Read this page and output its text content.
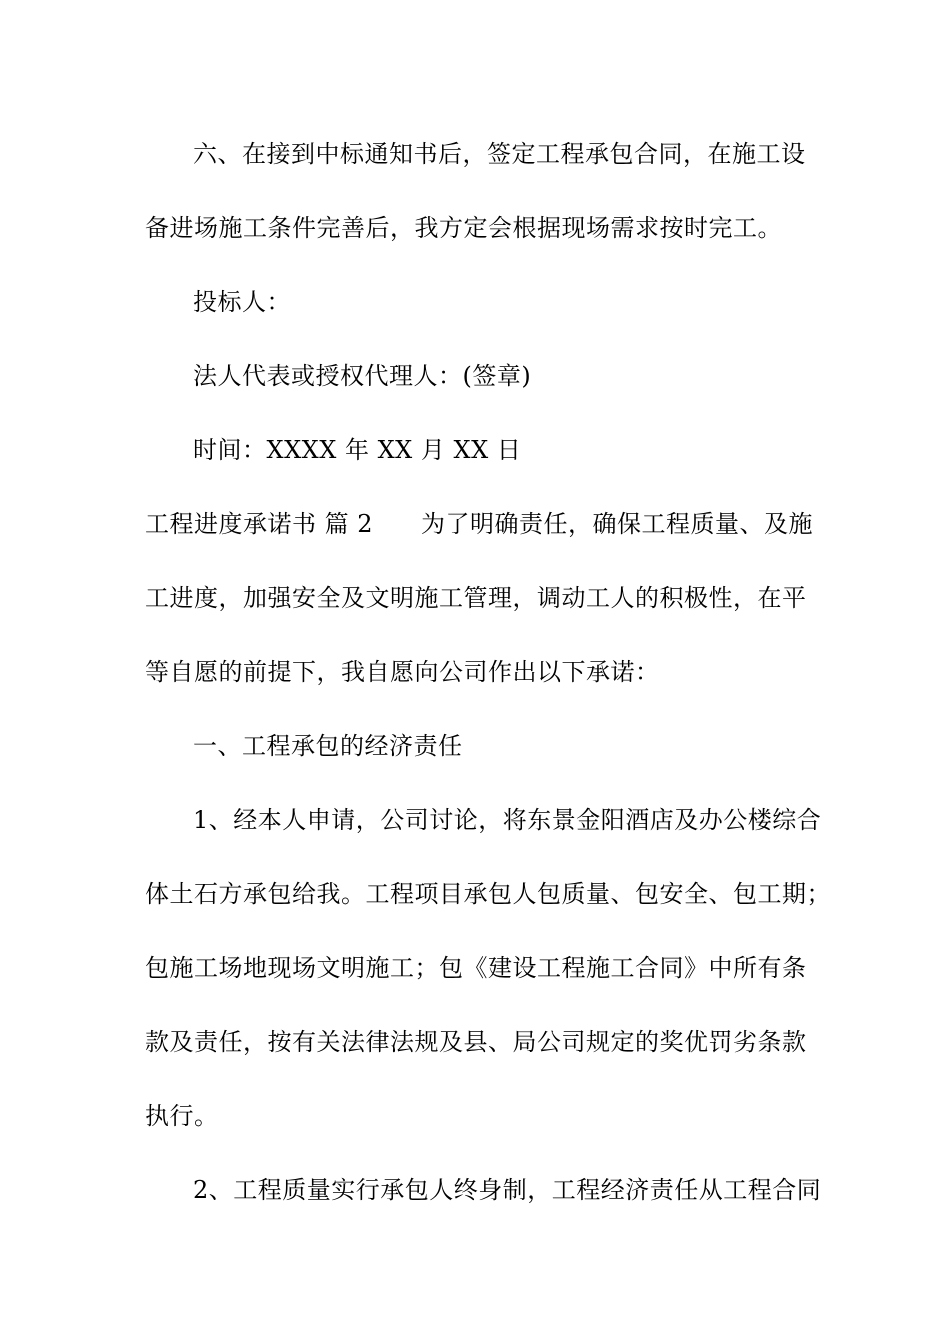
六、在接到中标通知书后，签定工程承包合同，在施工设
备进场施工条件完善后，我方定会根据现场需求按时完工。
投标人：
法人代表或授权代理人：(签章)
时间：XXXX 年 XX 月 XX 日
工程进度承诺书 篇 2 为了明确责任，确保工程质量、及施
工进度，加强安全及文明施工管理，调动工人的积极性，在平
等自愿的前提下，我自愿向公司作出以下承诺：
一、工程承包的经济责任
1、经本人申请，公司讨论，将东景金阳酒店及办公楼综合
体土石方承包给我。工程项目承包人包质量、包安全、包工期；
包施工场地现场文明施工；包《建设工程施工合同》中所有条
款及责任，按有关法律法规及县、局公司规定的奖优罚劣条款
执行。
2、工程质量实行承包人终身制，工程经济责任从工程合同
